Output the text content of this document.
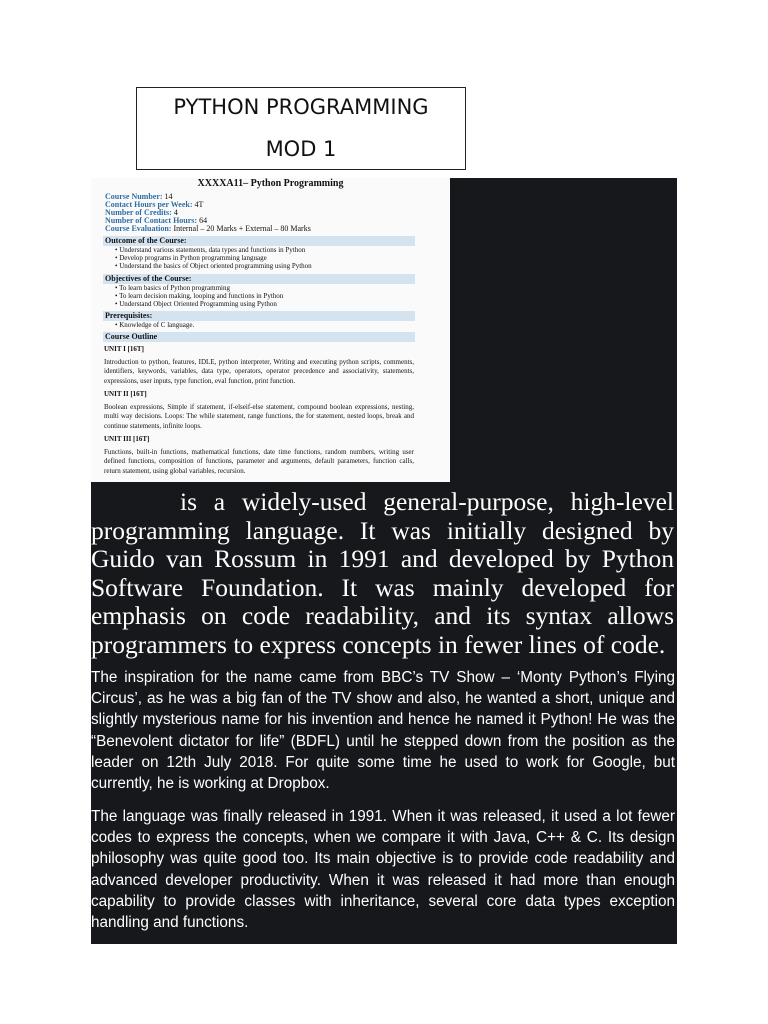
PYTHON PROGRAMMING
MOD 1
XXXXA11– Python Programming
Course Number: 14
Contact Hours per Week: 4T
Number of Credits: 4
Number of Contact Hours: 64
Course Evaluation: Internal – 20 Marks + External – 80 Marks
Outcome of the Course:
• Understand various statements, data types and functions in Python
• Develop programs in Python programming language
• Understand the basics of Object oriented programming using Python
Objectives of the Course:
• To learn basics of Python programming
• To learn decision making, looping and functions in Python
• Understand Object Oriented Programming using Python
Prerequisites:
• Knowledge of C language.
Course Outline
UNIT I [16T]
Introduction to python, features, IDLE, python interpreter, Writing and executing python scripts, comments, identifiers, keywords, variables, data type, operators, operator precedence and associativity, statements, expressions, user inputs, type function, eval function, print function.
UNIT II [16T]
Boolean expressions, Simple if statement, if-elseif-else statement, compound boolean expressions, nesting, multi way decisions. Loops: The while statement, range functions, the for statement, nested loops, break and continue statements, infinite loops.
UNIT III [16T]
Functions, built-in functions, mathematical functions, date time functions, random numbers, writing user defined functions, composition of functions, parameter and arguments, default parameters, function calls, return statement, using global variables, recursion.
is a widely-used general-purpose, high-level programming language. It was initially designed by Guido van Rossum in 1991 and developed by Python Software Foundation. It was mainly developed for emphasis on code readability, and its syntax allows programmers to express concepts in fewer lines of code.
The inspiration for the name came from BBC’s TV Show – ‘Monty Python’s Flying Circus’, as he was a big fan of the TV show and also, he wanted a short, unique and slightly mysterious name for his invention and hence he named it Python! He was the “Benevolent dictator for life” (BDFL) until he stepped down from the position as the leader on 12th July 2018. For quite some time he used to work for Google, but currently, he is working at Dropbox.
The language was finally released in 1991. When it was released, it used a lot fewer codes to express the concepts, when we compare it with Java, C++ & C. Its design philosophy was quite good too. Its main objective is to provide code readability and advanced developer productivity. When it was released it had more than enough capability to provide classes with inheritance, several core data types exception handling and functions.
